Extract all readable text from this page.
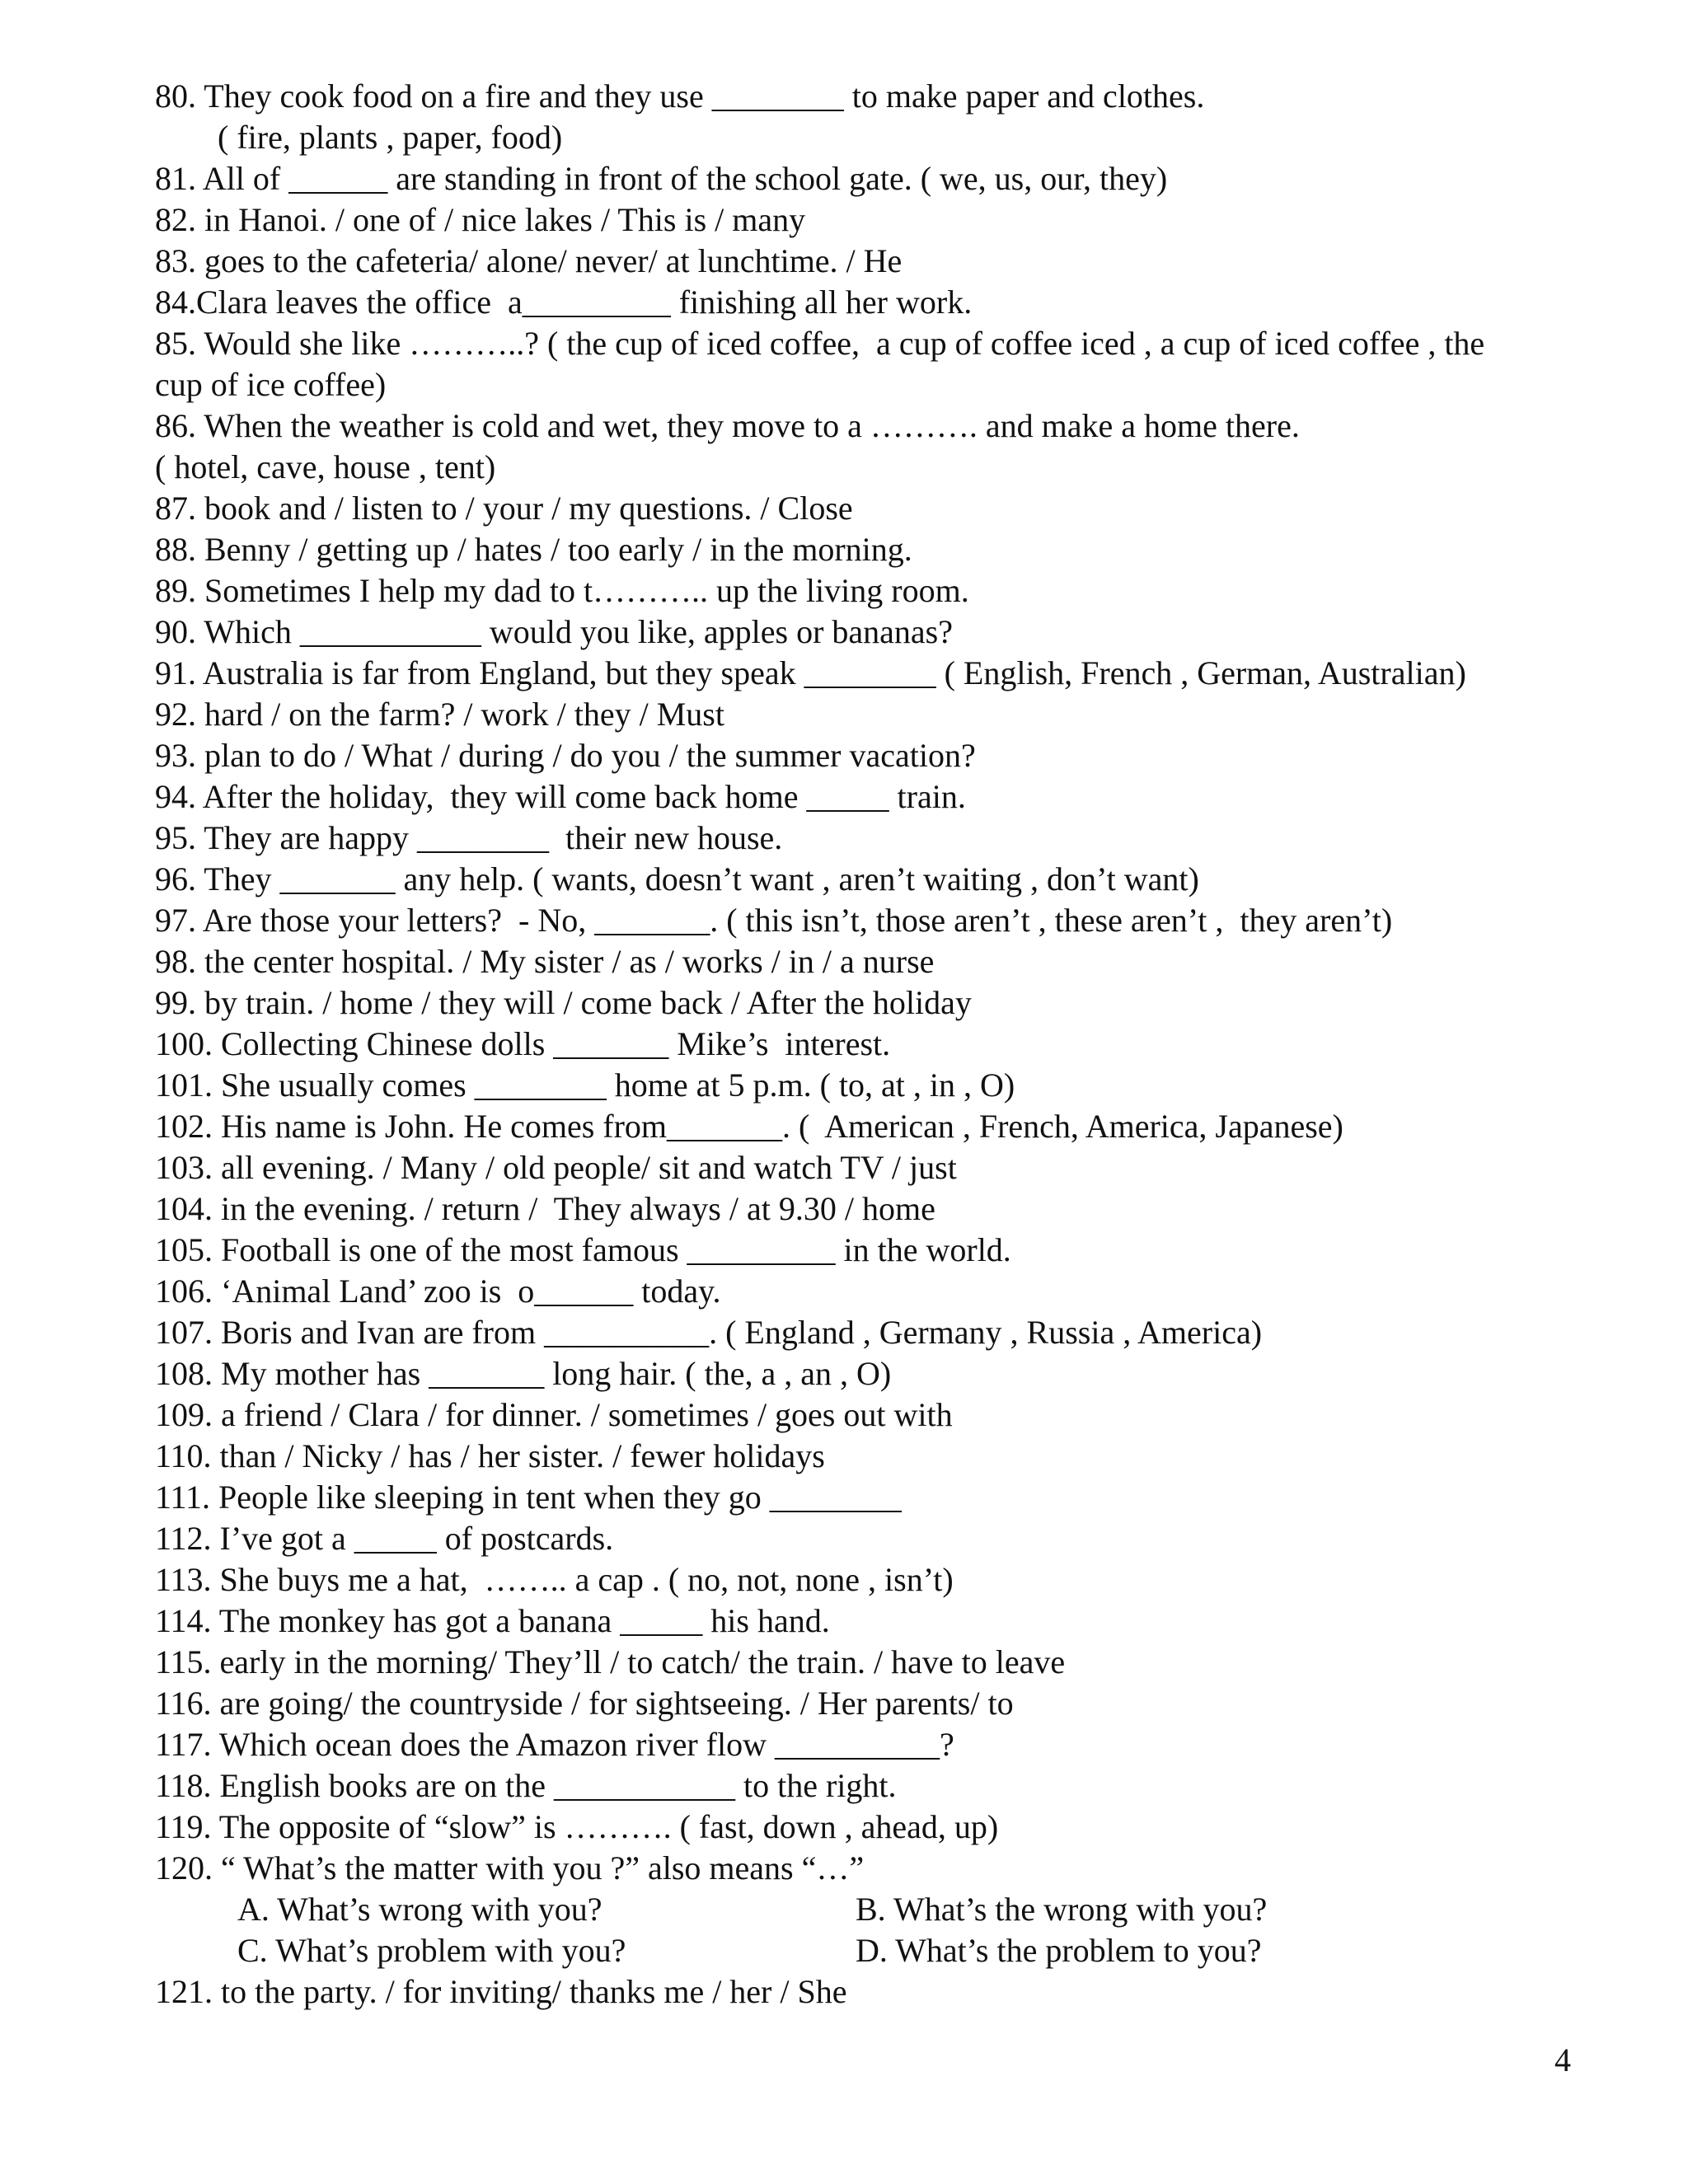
80. They cook food on a fire and they use ________ to make paper and clothes.
( fire, plants , paper, food)
81. All of ______ are standing in front of the school gate. ( we, us, our, they)
82. in Hanoi. / one of / nice lakes / This is / many
83. goes to the cafeteria/ alone/ never/ at lunchtime. / He
84.Clara leaves the office  a_________ finishing all her work.
85. Would she like ………..? ( the cup of iced coffee,  a cup of coffee iced , a cup of iced coffee , the
cup of ice coffee)
86. When the weather is cold and wet, they move to a ………. and make a home there.
( hotel, cave, house , tent)
87. book and / listen to / your / my questions. / Close
88. Benny / getting up / hates / too early / in the morning.
89. Sometimes I help my dad to t……….. up the living room.
90. Which ___________ would you like, apples or bananas?
91. Australia is far from England, but they speak ________ ( English, French , German, Australian)
92. hard / on the farm? / work / they / Must
93. plan to do / What / during / do you / the summer vacation?
94. After the holiday,  they will come back home _____ train.
95. They are happy ________  their new house.
96. They _______ any help. ( wants, doesn’t want , aren’t waiting , don’t want)
97. Are those your letters?  - No, _______. ( this isn’t, those aren’t , these aren’t ,  they aren’t)
98. the center hospital. / My sister / as / works / in / a nurse
99. by train. / home / they will / come back / After the holiday
100. Collecting Chinese dolls _______ Mike’s  interest.
101. She usually comes ________ home at 5 p.m. ( to, at , in , O)
102. His name is John. He comes from_______. (  American , French, America, Japanese)
103. all evening. / Many / old people/ sit and watch TV / just
104. in the evening. / return /  They always / at 9.30 / home
105. Football is one of the most famous _________ in the world.
106. ‘Animal Land’ zoo is  o______ today.
107. Boris and Ivan are from __________. ( England , Germany , Russia , America)
108. My mother has _______ long hair. ( the, a , an , O)
109. a friend / Clara / for dinner. / sometimes / goes out with
110. than / Nicky / has / her sister. / fewer holidays
111. People like sleeping in tent when they go ________
112. I’ve got a _____ of postcards.
113. She buys me a hat,  …….. a cap . ( no, not, none , isn’t)
114. The monkey has got a banana _____ his hand.
115. early in the morning/ They’ll / to catch/ the train. / have to leave
116. are going/ the countryside / for sightseeing. / Her parents/ to
117. Which ocean does the Amazon river flow __________?
118. English books are on the ___________ to the right.
119. The opposite of “slow” is ………. ( fast, down , ahead, up)
120. “ What’s the matter with you ?” also means “…”

A. What’s wrong with you?

	B. What’s the wrong with you?

C. What’s problem with you?

	D. What’s the problem to you?

121. to the party. / for inviting/ thanks me / her / She
4
